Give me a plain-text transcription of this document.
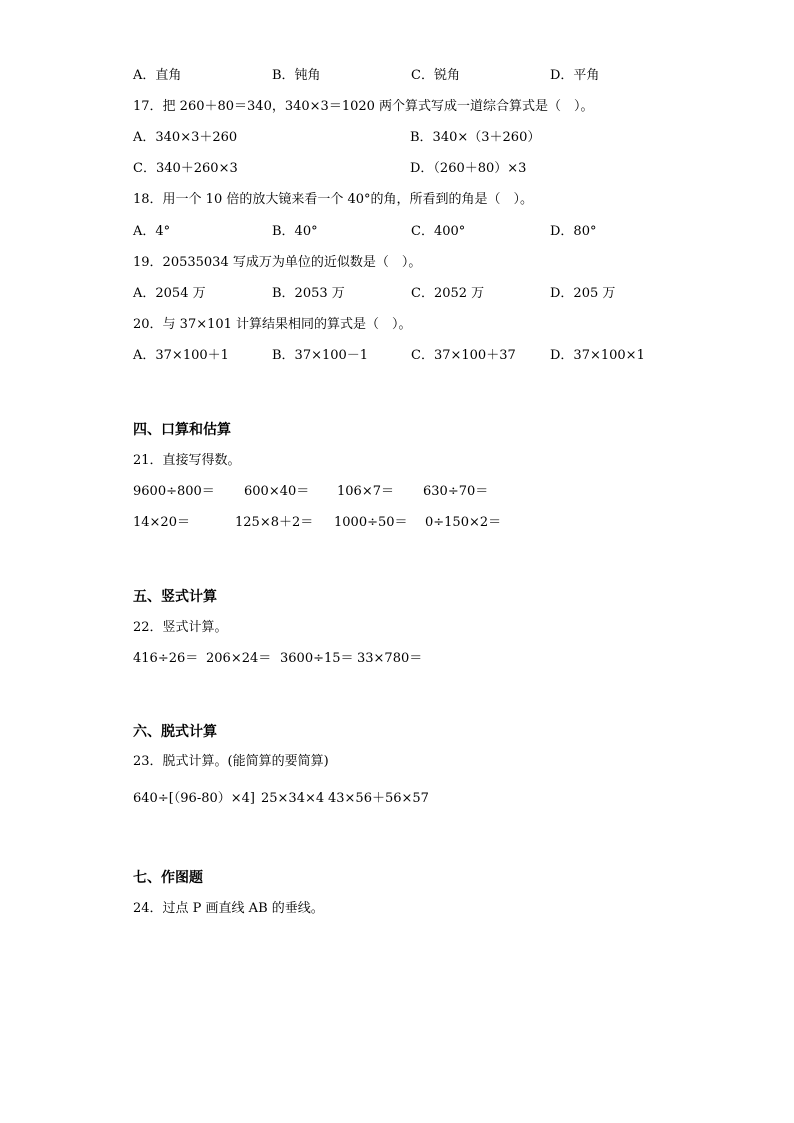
A．直角	B．钝角	C．锐角	D．平角
17．把 260＋80＝340，340×3＝1020 两个算式写成一道综合算式是（　）。
A．340×3＋260	B．340×（3＋260）
C．340＋260×3	D．（260＋80）×3
18．用一个 10 倍的放大镜来看一个 40°的角，所看到的角是（　）。
A．4°	B．40°	C．400°	D．80°
19．20535034 写成万为单位的近似数是（　）。
A．2054 万	B．2053 万	C．2052 万	D．205 万
20．与 37×101 计算结果相同的算式是（　）。
A．37×100＋1	B．37×100－1	C．37×100＋37	D．37×100×1
四、口算和估算
21．直接写得数。
9600÷800＝ 600×40＝ 106×7＝ 630÷70＝
14×20＝	125×8＋2＝ 1000÷50＝ 0÷150×2＝
五、竖式计算
22．竖式计算。
416÷26＝ 206×24＝ 3600÷15＝ 33×780＝
六、脱式计算
23．脱式计算。(能简算的要简算)
640÷[（96-80）×4] 25×34×4 43×56＋56×57
七、作图题
24．过点 P 画直线 AB 的垂线。
